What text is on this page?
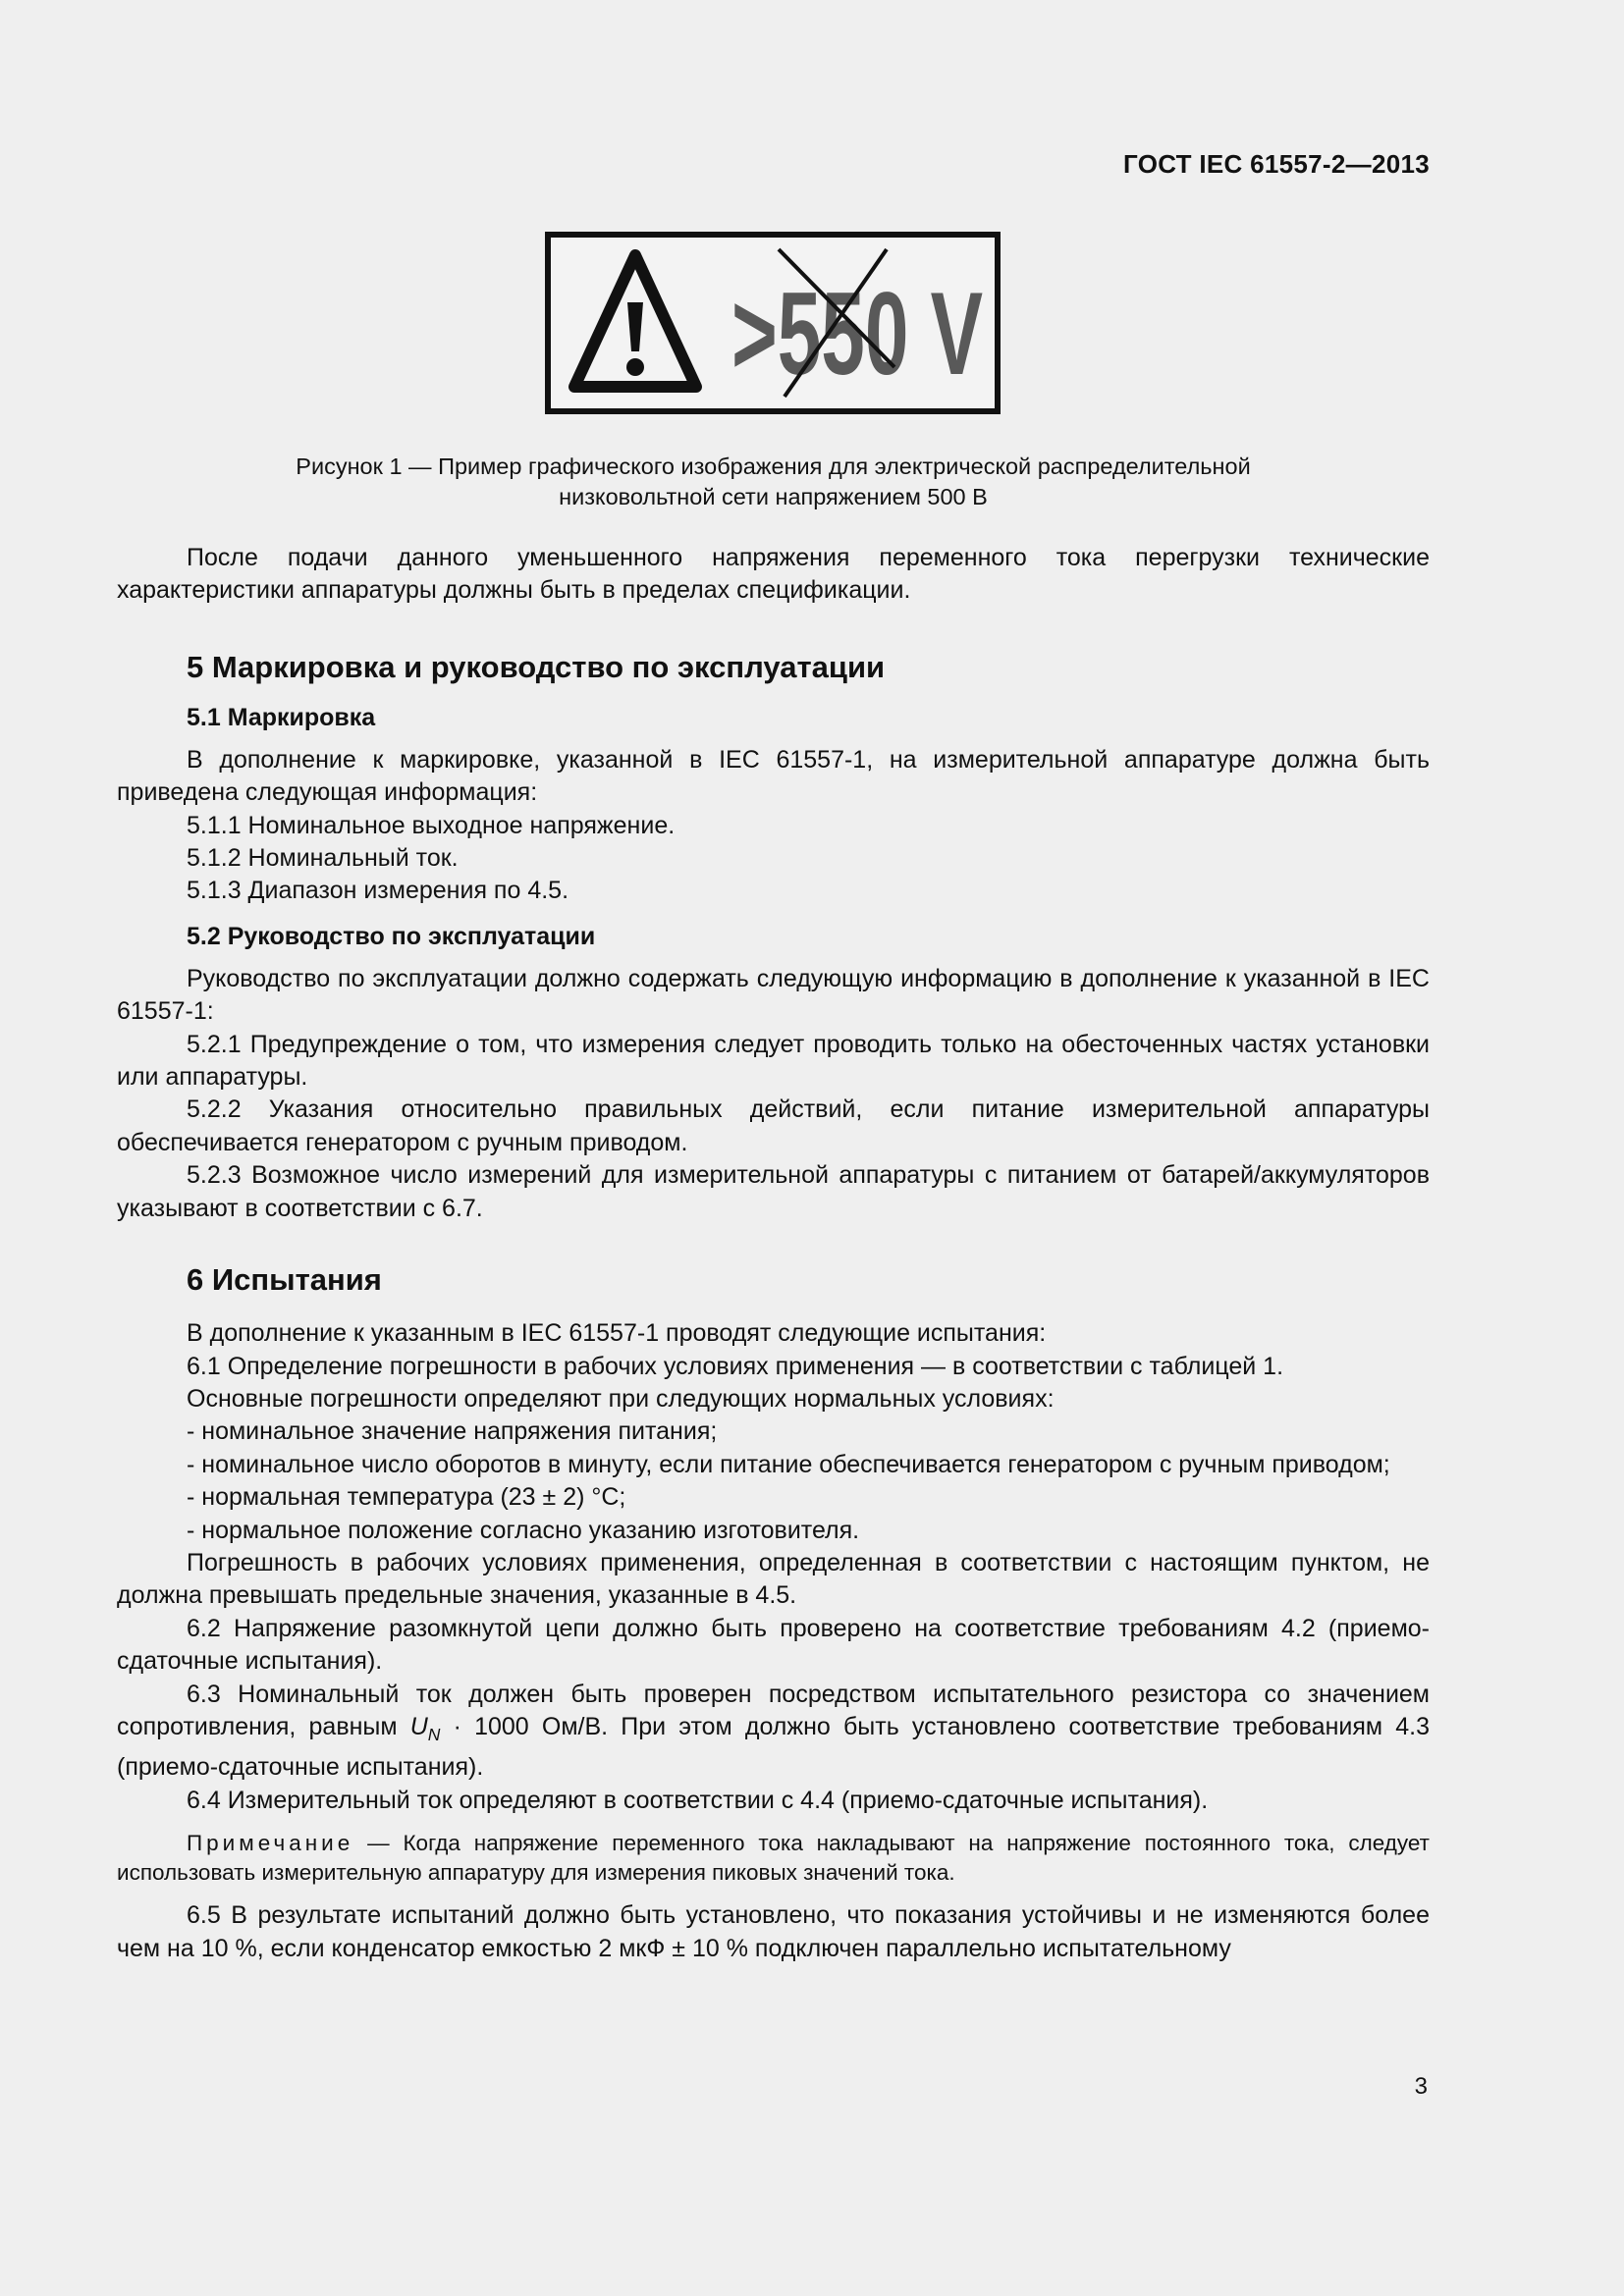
ГОСТ IEC 61557-2—2013
>550 V
Рисунок 1 — Пример графического изображения для электрической распределительной
низковольтной сети напряжением 500 В

После подачи данного уменьшенного напряжения переменного тока перегрузки технические характеристики аппаратуры должны быть в пределах спецификации.

5 Маркировка и руководство по эксплуатации
5.1 Маркировка

В дополнение к маркировке, указанной в IEC 61557-1, на измерительной аппаратуре должна быть приведена следующая информация:

5.1.1 Номинальное выходное напряжение.

5.1.2 Номинальный ток.

5.1.3 Диапазон измерения по 4.5.

5.2 Руководство по эксплуатации

Руководство по эксплуатации должно содержать следующую информацию в дополнение к указанной в IEC 61557-1:

5.2.1 Предупреждение о том, что измерения следует проводить только на обесточенных частях установки или аппаратуры.

5.2.2 Указания относительно правильных действий, если питание измерительной аппаратуры обеспечивается генератором с ручным приводом.

5.2.3 Возможное число измерений для измерительной аппаратуры с питанием от батарей/аккумуляторов указывают в соответствии с 6.7.

6 Испытания

В дополнение к указанным в IEC 61557-1 проводят следующие испытания:

6.1 Определение погрешности в рабочих условиях применения — в соответствии с таблицей 1.

Основные погрешности определяют при следующих нормальных условиях:

- номинальное значение напряжения питания;

- номинальное число оборотов в минуту, если питание обеспечивается генератором с ручным приводом;

- нормальная температура (23 ± 2) °С;

- нормальное положение согласно указанию изготовителя.

Погрешность в рабочих условиях применения, определенная в соответствии с настоящим пунктом, не должна превышать предельные значения, указанные в 4.5.

6.2 Напряжение разомкнутой цепи должно быть проверено на соответствие требованиям 4.2 (приемо-сдаточные испытания).

6.3 Номинальный ток должен быть проверен посредством испытательного резистора со значением сопротивления, равным $U_N \cdot 1000$ Ом/В. При этом должно быть установлено соответствие требованиям 4.3 (приемо-сдаточные испытания).

6.4 Измерительный ток определяют в соответствии с 4.4 (приемо-сдаточные испытания).

Примечание — Когда напряжение переменного тока накладывают на напряжение постоянного тока, следует использовать измерительную аппаратуру для измерения пиковых значений тока.

6.5 В результате испытаний должно быть установлено, что показания устойчивы и не изменяются более чем на 10 %, если конденсатор емкостью 2 мкФ ± 10 % подключен параллельно испытательному

3
